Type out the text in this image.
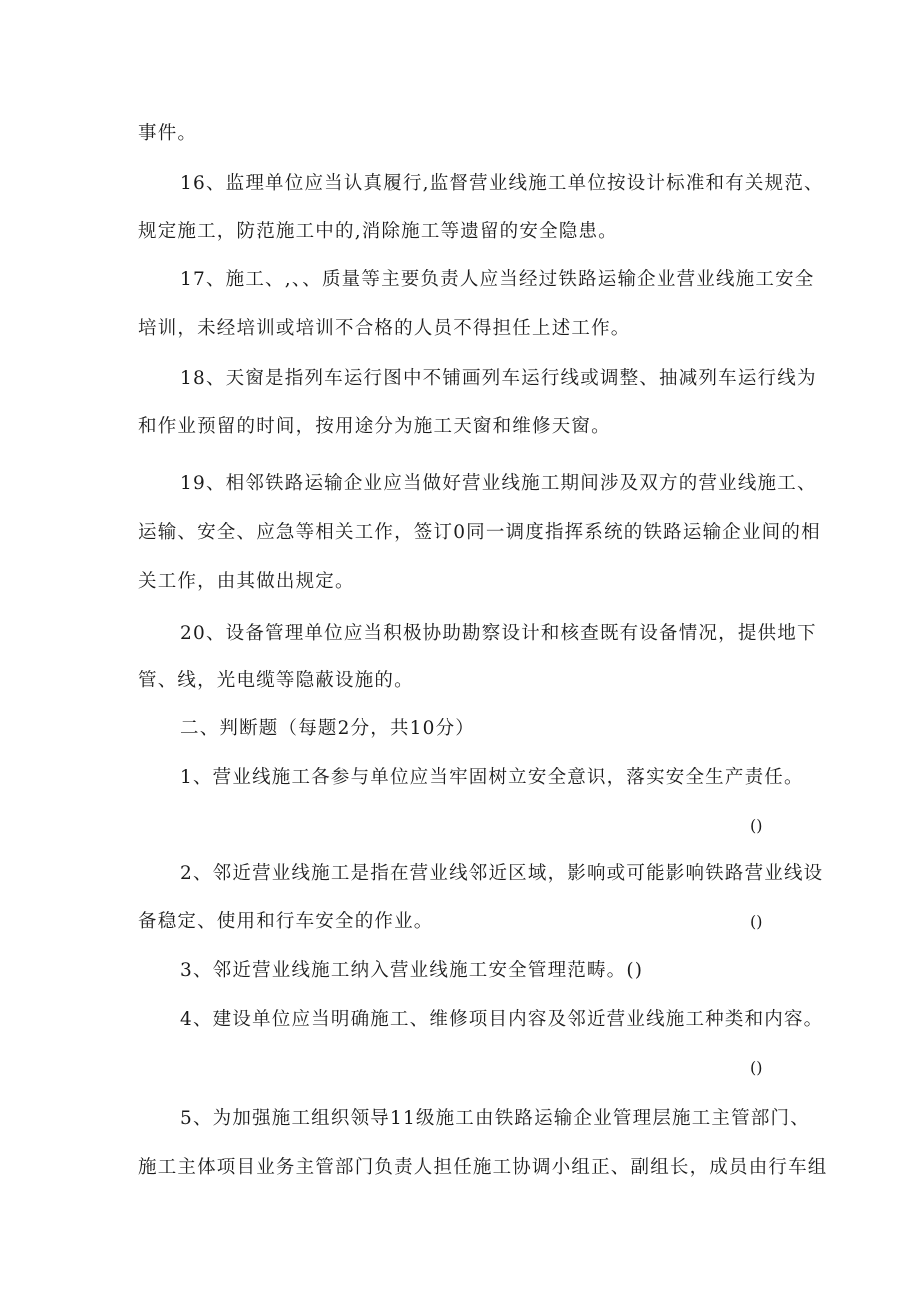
事件。
16、监理单位应当认真履行,监督营业线施工单位按设计标准和有关规范、
规定施工，防范施工中的,消除施工等遗留的安全隐患。
17、施工、,、、质量等主要负责人应当经过铁路运输企业营业线施工安全
培训，未经培训或培训不合格的人员不得担任上述工作。
18、天窗是指列车运行图中不铺画列车运行线或调整、抽减列车运行线为
和作业预留的时间，按用途分为施工天窗和维修天窗。
19、相邻铁路运输企业应当做好营业线施工期间涉及双方的营业线施工、
运输、安全、应急等相关工作，签订0同一调度指挥系统的铁路运输企业间的相
关工作，由其做出规定。
20、设备管理单位应当积极协助勘察设计和核查既有设备情况，提供地下
管、线，光电缆等隐蔽设施的。
二、判断题（每题2分，共10分）
1、营业线施工各参与单位应当牢固树立安全意识，落实安全生产责任。
()
2、邻近营业线施工是指在营业线邻近区域，影响或可能影响铁路营业线设
备稳定、使用和行车安全的作业。	()
3、邻近营业线施工纳入营业线施工安全管理范畴。()
4、建设单位应当明确施工、维修项目内容及邻近营业线施工种类和内容。
()
5、为加强施工组织领导11级施工由铁路运输企业管理层施工主管部门、
施工主体项目业务主管部门负责人担任施工协调小组正、副组长，成员由行车组
